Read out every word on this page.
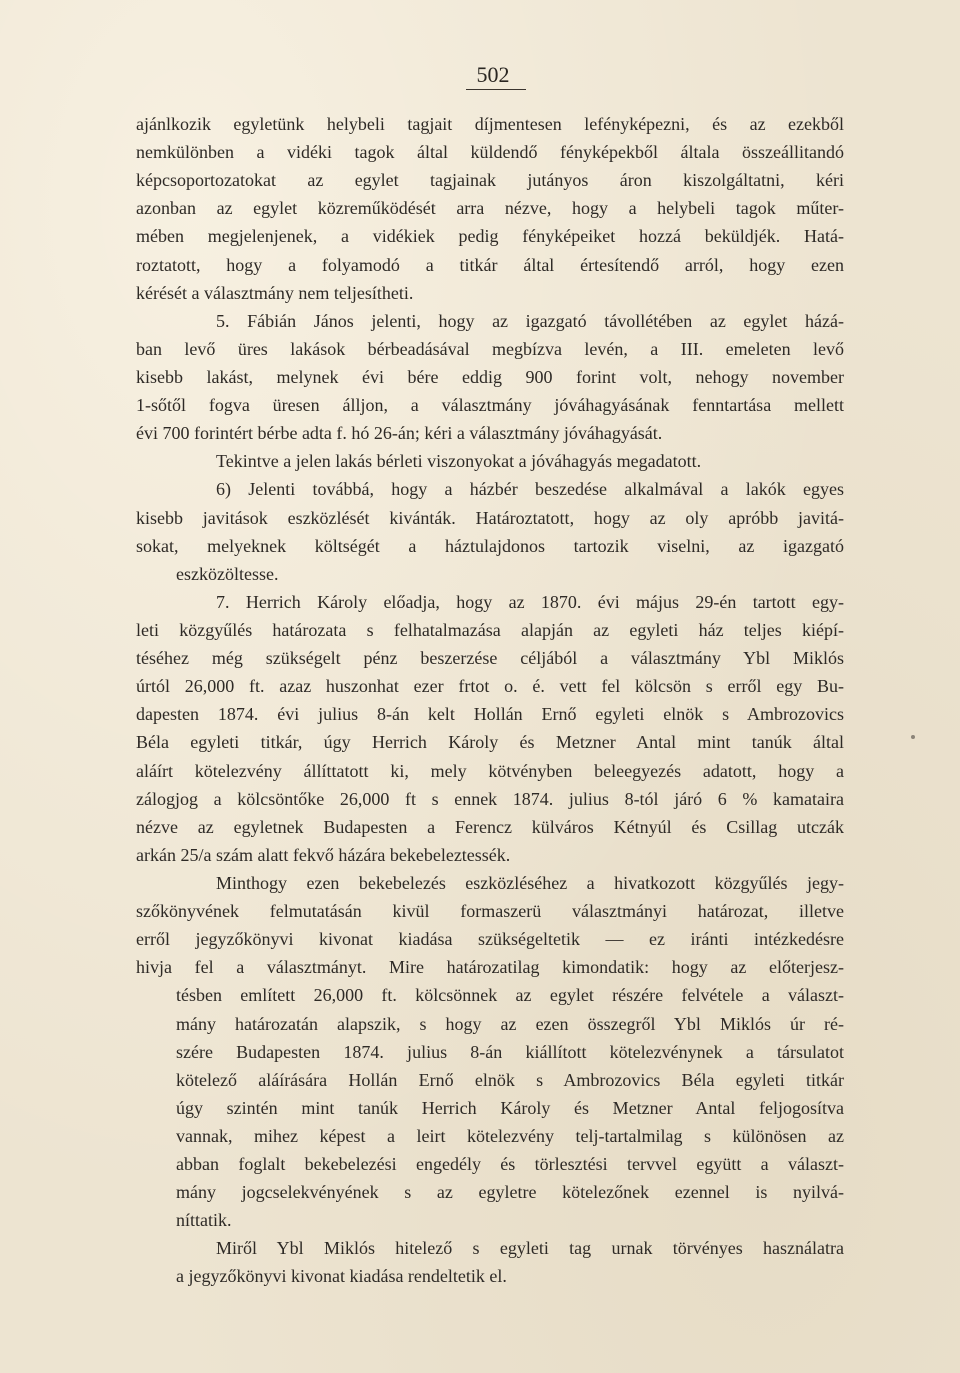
502
ajánlkozik egyletünk helybeli tagjait díjmentesen lefényképezni, és az ezekből
nemkülönben a vidéki tagok által küldendő fényképekből általa összeállitandó
képcsoportozatokat az egylet tagjainak jutányos áron kiszolgáltatni, kéri
azonban az egylet közreműködését arra nézve, hogy a helybeli tagok műter-
mében megjelenjenek, a vidékiek pedig fényképeiket hozzá beküldjék. Hatá-
roztatott, hogy a folyamodó a titkár által értesítendő arról, hogy ezen
kérését a választmány nem teljesítheti.
5. Fábián János jelenti, hogy az igazgató távollétében az egylet házá-
ban levő üres lakások bérbeadásával megbízva levén, a III. emeleten levő
kisebb lakást, melynek évi bére eddig 900 forint volt, nehogy november
1-sőtől fogva üresen álljon, a választmány jóváhagyásának fenntartása mellett
évi 700 forintért bérbe adta f. hó 26-án; kéri a választmány jóváhagyását.
Tekintve a jelen lakás bérleti viszonyokat a jóváhagyás megadatott.
6) Jelenti továbbá, hogy a házbér beszedése alkalmával a lakók egyes
kisebb javitások eszközlését kivánták. Határoztatott, hogy az oly apróbb javitá-
sokat, melyeknek költségét a háztulajdonos tartozik viselni, az igazgató
eszközöltesse.
7. Herrich Károly előadja, hogy az 1870. évi május 29-én tartott egy-
leti közgyűlés határozata s felhatalmazása alapján az egyleti ház teljes kiépí-
téséhez még szükségelt pénz beszerzése céljából a választmány Ybl Miklós
úrtól 26,000 ft. azaz huszonhat ezer frtot o. é. vett fel kölcsön s erről egy Bu-
dapesten 1874. évi julius 8-án kelt Hollán Ernő egyleti elnök s Ambrozovics
Béla egyleti titkár, úgy Herrich Károly és Metzner Antal mint tanúk által
aláírt kötelezvény állíttatott ki, mely kötvényben beleegyezés adatott, hogy a
zálogjog a kölcsöntőke 26,000 ft s ennek 1874. julius 8-tól járó 6 % kamataira
nézve az egyletnek Budapesten a Ferencz külváros Kétnyúl és Csillag utczák
arkán 25/a szám alatt fekvő házára bekebeleztessék.
Minthogy ezen bekebelezés eszközléséhez a hivatkozott közgyűlés jegy-
szőkönyvének felmutatásán kivül formaszerü választmányi határozat, illetve
erről jegyzőkönyvi kivonat kiadása szükségeltetik — ez iránti intézkedésre
hivja fel a választmányt. Mire határozatilag kimondatik: hogy az előterjesz-
tésben említett 26,000 ft. kölcsönnek az egylet részére felvétele a választ-
mány határozatán alapszik, s hogy az ezen összegről Ybl Miklós úr ré-
szére Budapesten 1874. julius 8-án kiállított kötelezvénynek a társulatot
kötelező aláírására Hollán Ernő elnök s Ambrozovics Béla egyleti titkár
úgy szintén mint tanúk Herrich Károly és Metzner Antal feljogosítva
vannak, mihez képest a leirt kötelezvény telj-tartalmilag s különösen az
abban foglalt bekebelezési engedély és törlesztési tervvel együtt a választ-
mány jogcselekvényének s az egyletre kötelezőnek ezennel is nyilvá-
níttatik.
Miről Ybl Miklós hitelező s egyleti tag urnak törvényes használatra
a jegyzőkönyvi kivonat kiadása rendeltetik el.
